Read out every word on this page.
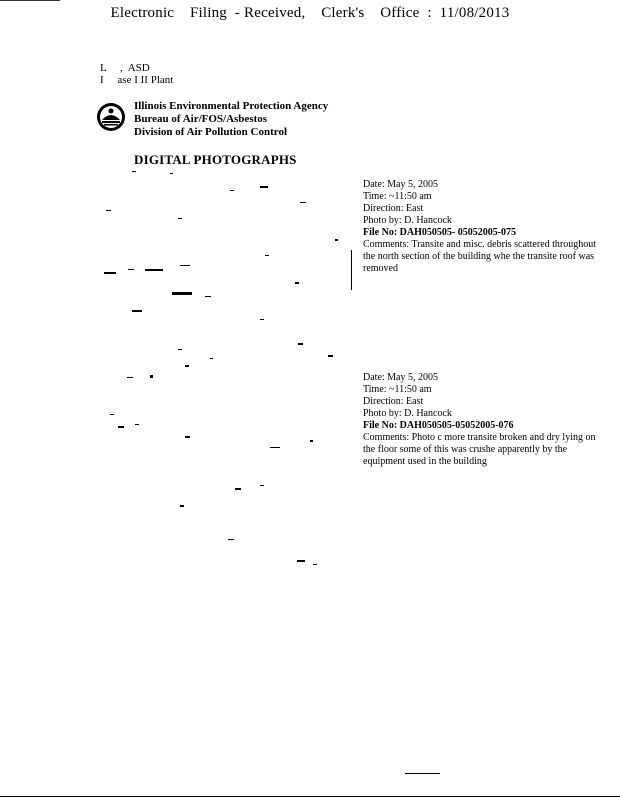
Electronic    Filing  - Received,    Clerk's    Office  :  11/08/2013
L     ,  ASD
I     ase I II Plant

Illinois Environmental Protection Agency
Bureau of Air/FOS/Asbestos
Division of Air Pollution Control
DIGITAL PHOTOGRAPHS
Date: May 5, 2005
Time: ~11:50 am
Direction: East
Photo by: D. Hancock
File No: DAH050505- 05052005-075
Comments: Transite and misc. debris scattered throughout the north section of the building whe the transite roof was removed
Date: May 5, 2005
Time: ~11:50 am
Direction: East
Photo by: D. Hancock
File No: DAH050505-05052005-076
Comments: Photo c more transite broken and dry lying on the floor some of this was crushe apparently by the equipment used in the building
